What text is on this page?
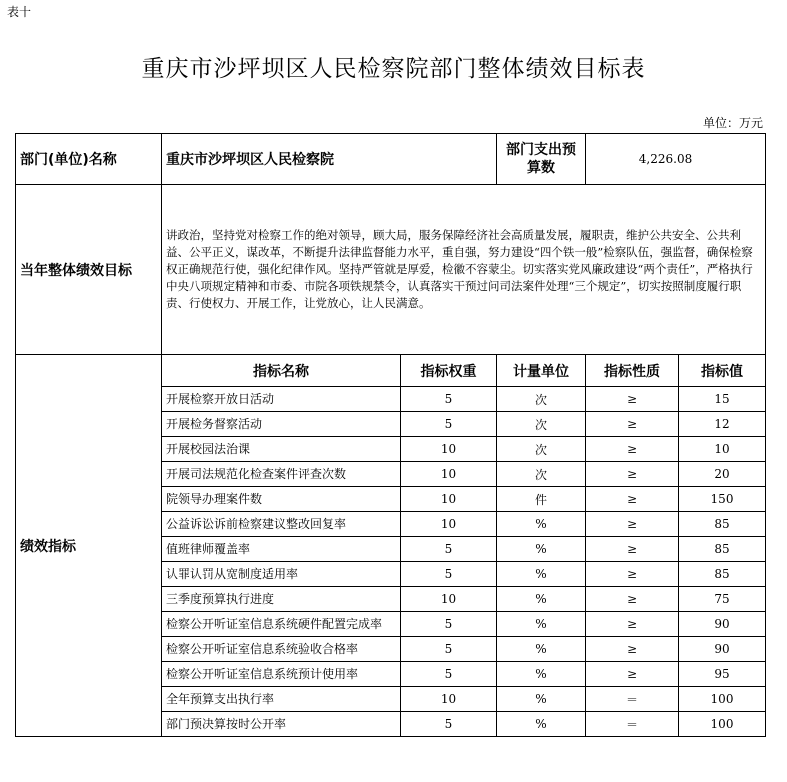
表十
重庆市沙坪坝区人民检察院部门整体绩效目标表
单位：万元
部门(单位)名称	重庆市沙坪坝区人民检察院		部门支出预算数	4,226.08	
当年整体绩效目标	讲政治，坚持党对检察工作的绝对领导，顾大局，服务保障经济社会高质量发展，履职责，维护公共安全、公共利益、公平正义，谋改革，不断提升法律监督能力水平，重自强，努力建设“四个铁一般”检察队伍，强监督，确保检察权正确规范行使，强化纪律作风。坚持严管就是厚爱，检徽不容蒙尘。切实落实党风廉政建设“两个责任”，严格执行中央八项规定精神和市委、市院各项铁规禁令，认真落实干预过问司法案件处理“三个规定”，切实按照制度履行职责、行使权力、开展工作，让党放心，让人民满意。				
绩效指标	指标名称	指标权重	计量单位	指标性质	指标值
	开展检察开放日活动	5	次	≥	15
	开展检务督察活动	5	次	≥	12
	开展校园法治课	10	次	≥	10
	开展司法规范化检查案件评查次数	10	次	≥	20
	院领导办理案件数	10	件	≥	150
	公益诉讼诉前检察建议整改回复率	10	%	≥	85
	值班律师覆盖率	5	%	≥	85
	认罪认罚从宽制度适用率	5	%	≥	85
	三季度预算执行进度	10	%	≥	75
	检察公开听证室信息系统硬件配置完成率	5	%	≥	90
	检察公开听证室信息系统验收合格率	5	%	≥	90
	检察公开听证室信息系统预计使用率	5	%	≥	95
	全年预算支出执行率	10	%	＝	100
	部门预决算按时公开率	5	%	＝	100
